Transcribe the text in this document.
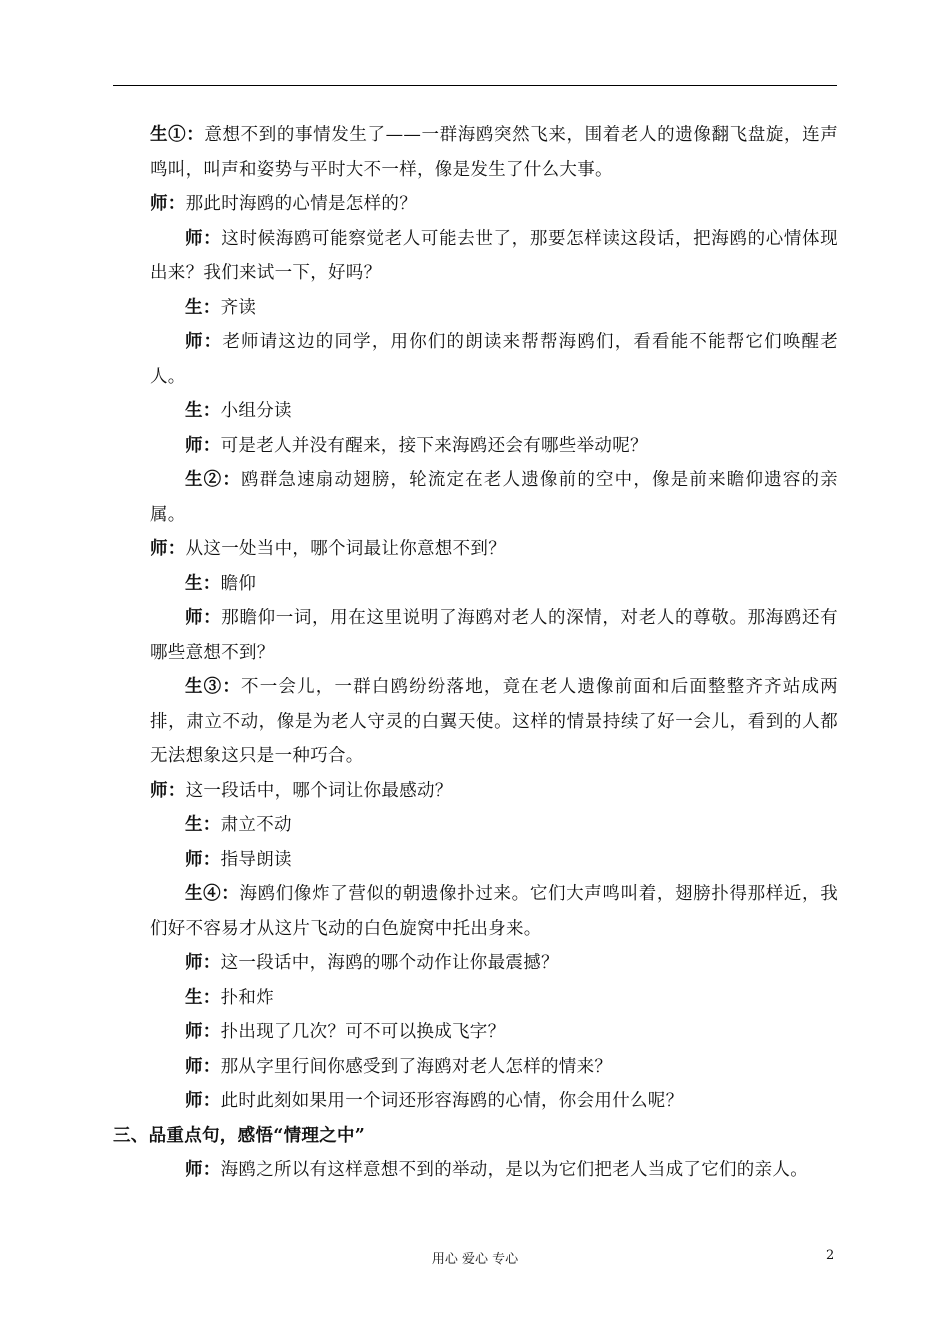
生①：意想不到的事情发生了——一群海鸥突然飞来，围着老人的遗像翻飞盘旋，连声鸣叫，叫声和姿势与平时大不一样，像是发生了什么大事。

师：那此时海鸥的心情是怎样的？

师：这时候海鸥可能察觉老人可能去世了，那要怎样读这段话，把海鸥的心情体现出来？我们来试一下，好吗？

生：齐读

师：老师请这边的同学，用你们的朗读来帮帮海鸥们，看看能不能帮它们唤醒老人。

生：小组分读

师：可是老人并没有醒来，接下来海鸥还会有哪些举动呢？

生②：鸥群急速扇动翅膀，轮流定在老人遗像前的空中，像是前来瞻仰遗容的亲属。

师：从这一处当中，哪个词最让你意想不到？

生：瞻仰

师：那瞻仰一词，用在这里说明了海鸥对老人的深情，对老人的尊敬。那海鸥还有哪些意想不到？

生③：不一会儿，一群白鸥纷纷落地，竟在老人遗像前面和后面整整齐齐站成两排，肃立不动，像是为老人守灵的白翼天使。这样的情景持续了好一会儿，看到的人都无法想象这只是一种巧合。

师：这一段话中，哪个词让你最感动？

生：肃立不动

师：指导朗读

生④：海鸥们像炸了营似的朝遗像扑过来。它们大声鸣叫着，翅膀扑得那样近，我们好不容易才从这片飞动的白色旋窝中托出身来。

师：这一段话中，海鸥的哪个动作让你最震撼？

生：扑和炸

师：扑出现了几次？可不可以换成飞字？

师：那从字里行间你感受到了海鸥对老人怎样的情来？

师：此时此刻如果用一个词还形容海鸥的心情，你会用什么呢？

三、品重点句，感悟“情理之中”

师：海鸥之所以有这样意想不到的举动，是以为它们把老人当成了它们的亲人。

用心 爱心 专心	2
